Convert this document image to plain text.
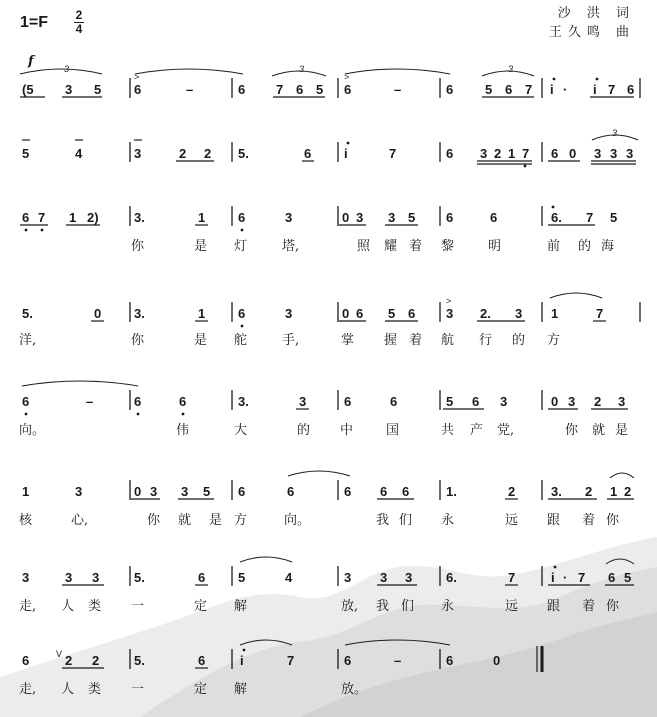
1=F 2
4
沙 洪 词
王久鸣 曲
f
(5 3 5	6	–	6 7 6 5 6	–	6 5 6 7 i · i 7 6
5	4	3	2 2 5.	6	i	7	6 3 2 1 7 6 0 3 3 3
6 7 1 2)	3.	1	6	3	0 3 3 5 6	6	6. 7 5
你	是 灯	塔,	照 耀 着 黎	明	前 的 海
5.	0	3.	1	6	3	0 6 5 6 3 2. 3 1	7
洋,	你	是 舵	手,	掌 握 着 航 行 的 方
6	–	6	6	3.	3	6	6	5 6 3	0 3 2 3
向。	伟	大	的 中	国	共 产 党,	你 就 是
1	3	0 3 3 5 6	6	6 6 6	1.	2	3. 2 1 2
核	心,	你 就 是 方	向。	我 们 永	远 跟 着 你
3	3 3	5.	6	5	4	3 3 3	6.	7	i · 7 6 5
走, 人 类 一	定 解	放, 我 们 永	远 跟 着 你
6	2 2	5.	6	i	7	6	–	6	0
走, 人 类 一	定 解	放。
3	3	3
3
>	>
>
V
